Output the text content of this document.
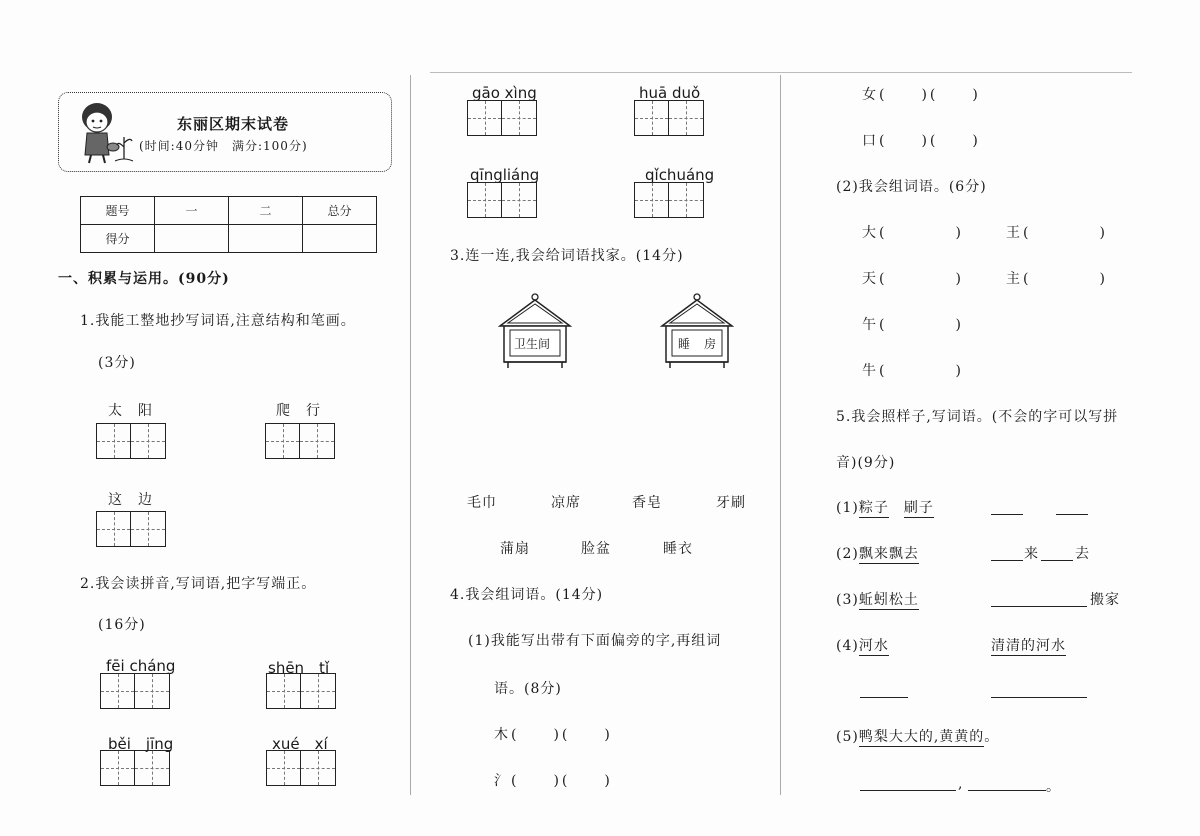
东丽区期末试卷
(时间:40分钟　满分:100分)
题号	一	二	总分
得分			
一、积累与运用。(90分)
1.我能工整地抄写词语,注意结构和笔画。
(3分)
太　阳	爬　行
这　边
2.我会读拼音,写词语,把字写端正。
(16分)
fēi cháng	shēn　tǐ
běi　jīng	xué　xí
gāo xìng	huā duǒ
qīngliáng	qǐchuáng
3.连一连,我会给词语找家。(14分)
卫生间	睡　房
毛巾	凉席	香皂	牙刷
蒲扇	脸盆	睡衣
4.我会组词语。(14分)
(1)我能写出带有下面偏旁的字,再组词
语。(8分)
木(　　)(　　)
氵(　　)(　　)
女(　　)(　　)
口(　　)(　　)
(2)我会组词语。(6分)
大(　　　　)	王(　　　　)
天(　　　　)	主(　　　　)
午(　　　　)
牛(　　　　)
5.我会照样子,写词语。(不会的字可以写拼
音)(9分)
(1)粽子　 刷子
(2)飘来飘去	来	去
(3)蚯蚓松土	搬家
(4)河水	清清的河水
(5)鸭梨大大的,黄黄的。
,	。
